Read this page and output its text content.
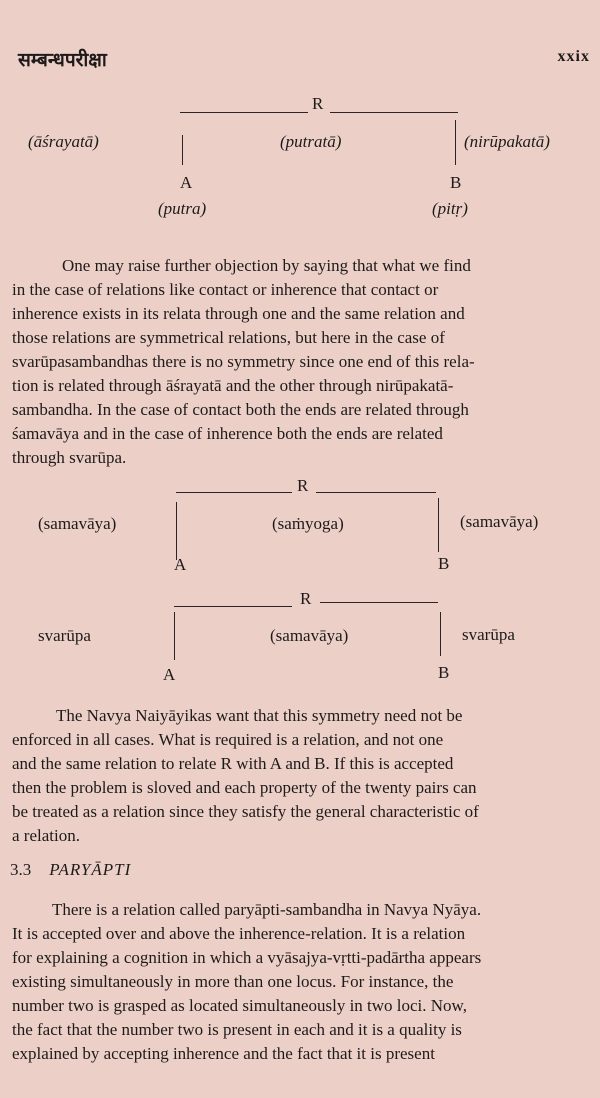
सम्बन्धपरीक्षा	xxix
R
(āśrayatā)	(putratā)	(nirūpakatā)
A	B
(putra)	(pitṛ)

One may raise further objection by saying that what we find

in the case of relations like contact or inherence that contact or

inherence exists in its relata through one and the same relation and

those relations are symmetrical relations, but here in the case of

svarūpasambandhas there is no symmetry since one end of this rela-

tion is related through āśrayatā and the other through nirūpakatā-

sambandha. In the case of contact both the ends are related through

śamavāya and in the case of inherence both the ends are related

through svarūpa.

R
(samavāya)	(saṁyoga)	(samavāya)
A	B
R
svarūpa	(samavāya)	svarūpa
A	B

The Navya Naiyāyikas want that this symmetry need not be

enforced in all cases. What is required is a relation, and not one

and the same relation to relate R with A and B. If this is accepted

then the problem is sloved and each property of the twenty pairs can

be treated as a relation since they satisfy the general characteristic of

a relation.

3.3 PARYĀPTI

There is a relation called paryāpti-sambandha in Navya Nyāya.

It is accepted over and above the inherence-relation. It is a relation

for explaining a cognition in which a vyāsajya-vṛtti-padārtha appears

existing simultaneously in more than one locus. For instance, the

number two is grasped as located simultaneously in two loci. Now,

the fact that the number two is present in each and it is a quality is

explained by accepting inherence and the fact that it is present
